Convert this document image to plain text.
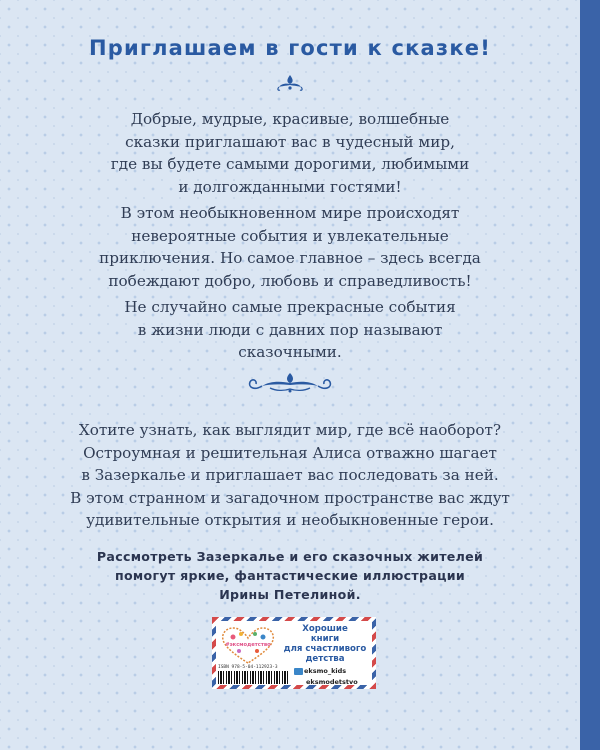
Приглашаем в гости к сказке!
Добрые, мудрые, красивые, волшебные
сказки приглашают вас в чудесный мир,
где вы будете самыми дорогими, любимыми
и долгожданными гостями!
В этом необыкновенном мире происходят
невероятные события и увлекательные
приключения. Но самое главное – здесь всегда
побеждают добро, любовь и справедливость!
Не случайно самые прекрасные события
в жизни люди с давних пор называют
сказочными.
Хотите узнать, как выглядит мир, где всё наоборот?
Остроумная и решительная Алиса отважно шагает
в Зазеркалье и приглашает вас последовать за ней.
В этом странном и загадочном пространстве вас ждут
удивительные открытия и необыкновенные герои.
Рассмотреть Зазеркалье и его сказочных жителей
помогут яркие, фантастические иллюстрации
Ирины Петелиной.
#эксмодетство
Хорошие
книги
для счастливого
детства
ISBN 978-5-04-112923-3	eksmo_kids
eksmodetstvo
